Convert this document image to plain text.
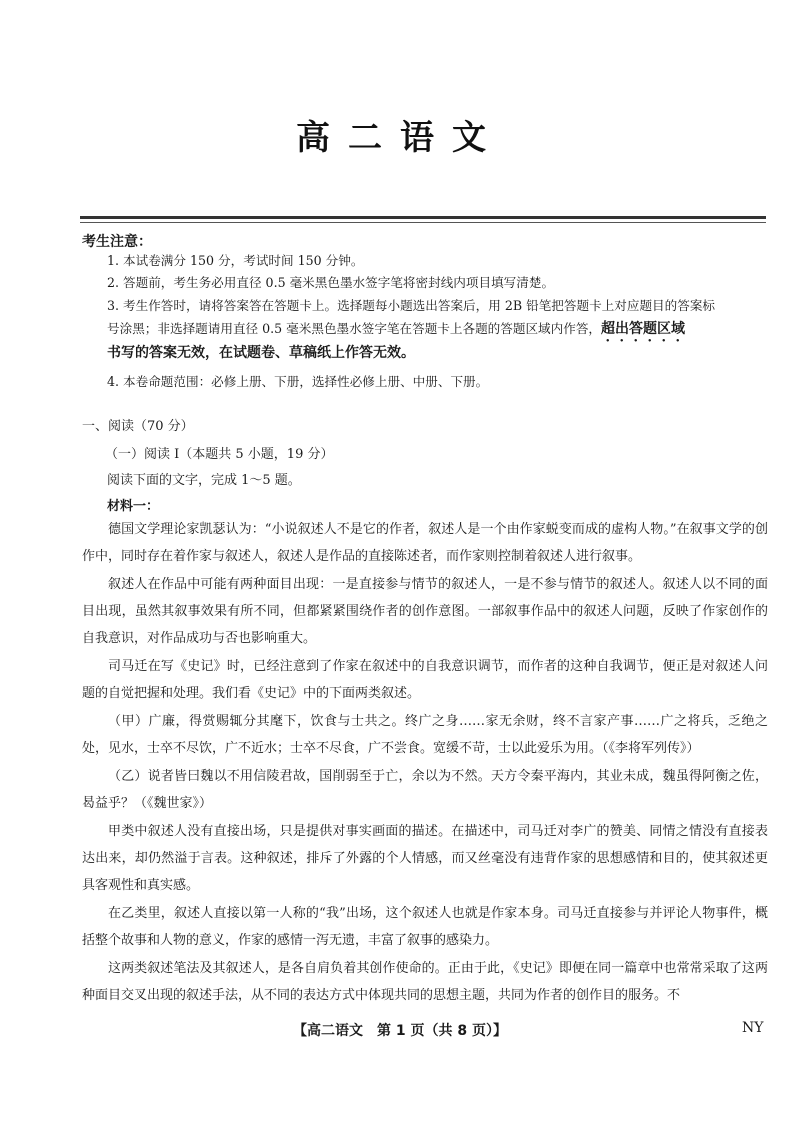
高二语文
考生注意：
1. 本试卷满分 150 分，考试时间 150 分钟。
2. 答题前，考生务必用直径 0.5 毫米黑色墨水签字笔将密封线内项目填写清楚。
3. 考生作答时，请将答案答在答题卡上。选择题每小题选出答案后，用 2B 铅笔把答题卡上对应题目的答案标
号涂黑；非选择题请用直径 0.5 毫米黑色墨水签字笔在答题卡上各题的答题区域内作答，超出答题区域
书写的答案无效，在试题卷、草稿纸上作答无效。
4. 本卷命题范围：必修上册、下册，选择性必修上册、中册、下册。
一、阅读（70 分）
（一）阅读 Ⅰ（本题共 5 小题，19 分）
阅读下面的文字，完成 1～5 题。
材料一：
德国文学理论家凯瑟认为：“小说叙述人不是它的作者，叙述人是一个由作家蜕变而成的虚构人物。”在叙事文学的创作中，同时存在着作家与叙述人，叙述人是作品的直接陈述者，而作家则控制着叙述人进行叙事。
叙述人在作品中可能有两种面目出现：一是直接参与情节的叙述人，一是不参与情节的叙述人。叙述人以不同的面目出现，虽然其叙事效果有所不同，但都紧紧围绕作者的创作意图。一部叙事作品中的叙述人问题，反映了作家创作的自我意识，对作品成功与否也影响重大。
司马迁在写《史记》时，已经注意到了作家在叙述中的自我意识调节，而作者的这种自我调节，便正是对叙述人问题的自觉把握和处理。我们看《史记》中的下面两类叙述。
（甲）广廉，得赏赐辄分其麾下，饮食与士共之。终广之身……家无余财，终不言家产事……广之将兵，乏绝之处，见水，士卒不尽饮，广不近水；士卒不尽食，广不尝食。宽缓不苛，士以此爱乐为用。（《李将军列传》）
（乙）说者皆曰魏以不用信陵君故，国削弱至于亡，余以为不然。天方令秦平海内，其业未成，魏虽得阿衡之佐，曷益乎？（《魏世家》）
甲类中叙述人没有直接出场，只是提供对事实画面的描述。在描述中，司马迁对李广的赞美、同情之情没有直接表达出来，却仍然溢于言表。这种叙述，排斥了外露的个人情感，而又丝毫没有违背作家的思想感情和目的，使其叙述更具客观性和真实感。
在乙类里，叙述人直接以第一人称的“我”出场，这个叙述人也就是作家本身。司马迁直接参与并评论人物事件，概括整个故事和人物的意义，作家的感情一泻无遗，丰富了叙事的感染力。
这两类叙述笔法及其叙述人，是各自肩负着其创作使命的。正由于此，《史记》即便在同一篇章中也常常采取了这两种面目交叉出现的叙述手法，从不同的表达方式中体现共同的思想主题，共同为作者的创作目的服务。不
【高二语文　第 1 页（共 8 页）】	NY
